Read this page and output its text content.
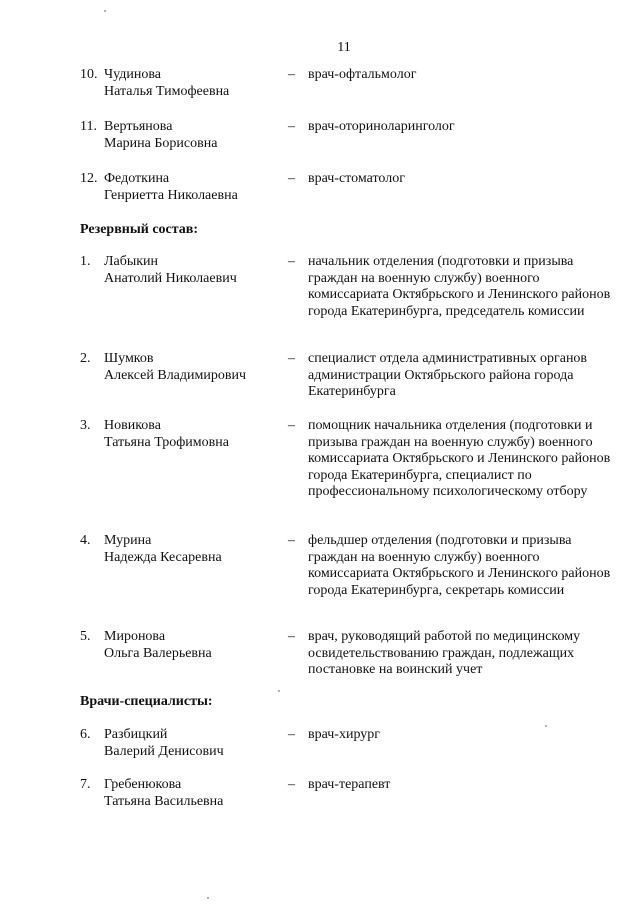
11
10. Чудинова
Наталья Тимофеевна
– врач-офтальмолог
11. Вертьянова
Марина Борисовна
– врач-оториноларинголог
12. Федоткина
Генриетта Николаевна
– врач-стоматолог
Резервный состав:
1. Лабыкин
Анатолий Николаевич
– начальник отделения (подготовки и призыва граждан на военную службу) военного комиссариата Октябрьского и Ленинского районов города Екатеринбурга, председатель комиссии
2. Шумков
Алексей Владимирович
– специалист отдела административных органов администрации Октябрьского района города Екатеринбурга
3. Новикова
Татьяна Трофимовна
– помощник начальника отделения (подготовки и призыва граждан на военную службу) военного комиссариата Октябрьского и Ленинского районов города Екатеринбурга, специалист по профессиональному психологическому отбору
4. Мурина
Надежда Кесаревна
– фельдшер отделения (подготовки и призыва граждан на военную службу) военного комиссариата Октябрьского и Ленинского районов города Екатеринбурга, секретарь комиссии
5. Миронова
Ольга Валерьевна
– врач, руководящий работой по медицинскому освидетельствованию граждан, подлежащих постановке на воинский учет
Врачи-специалисты:
6. Разбицкий
Валерий Денисович
– врач-хирург
7. Гребенюкова
Татьяна Васильевна
– врач-терапевт
